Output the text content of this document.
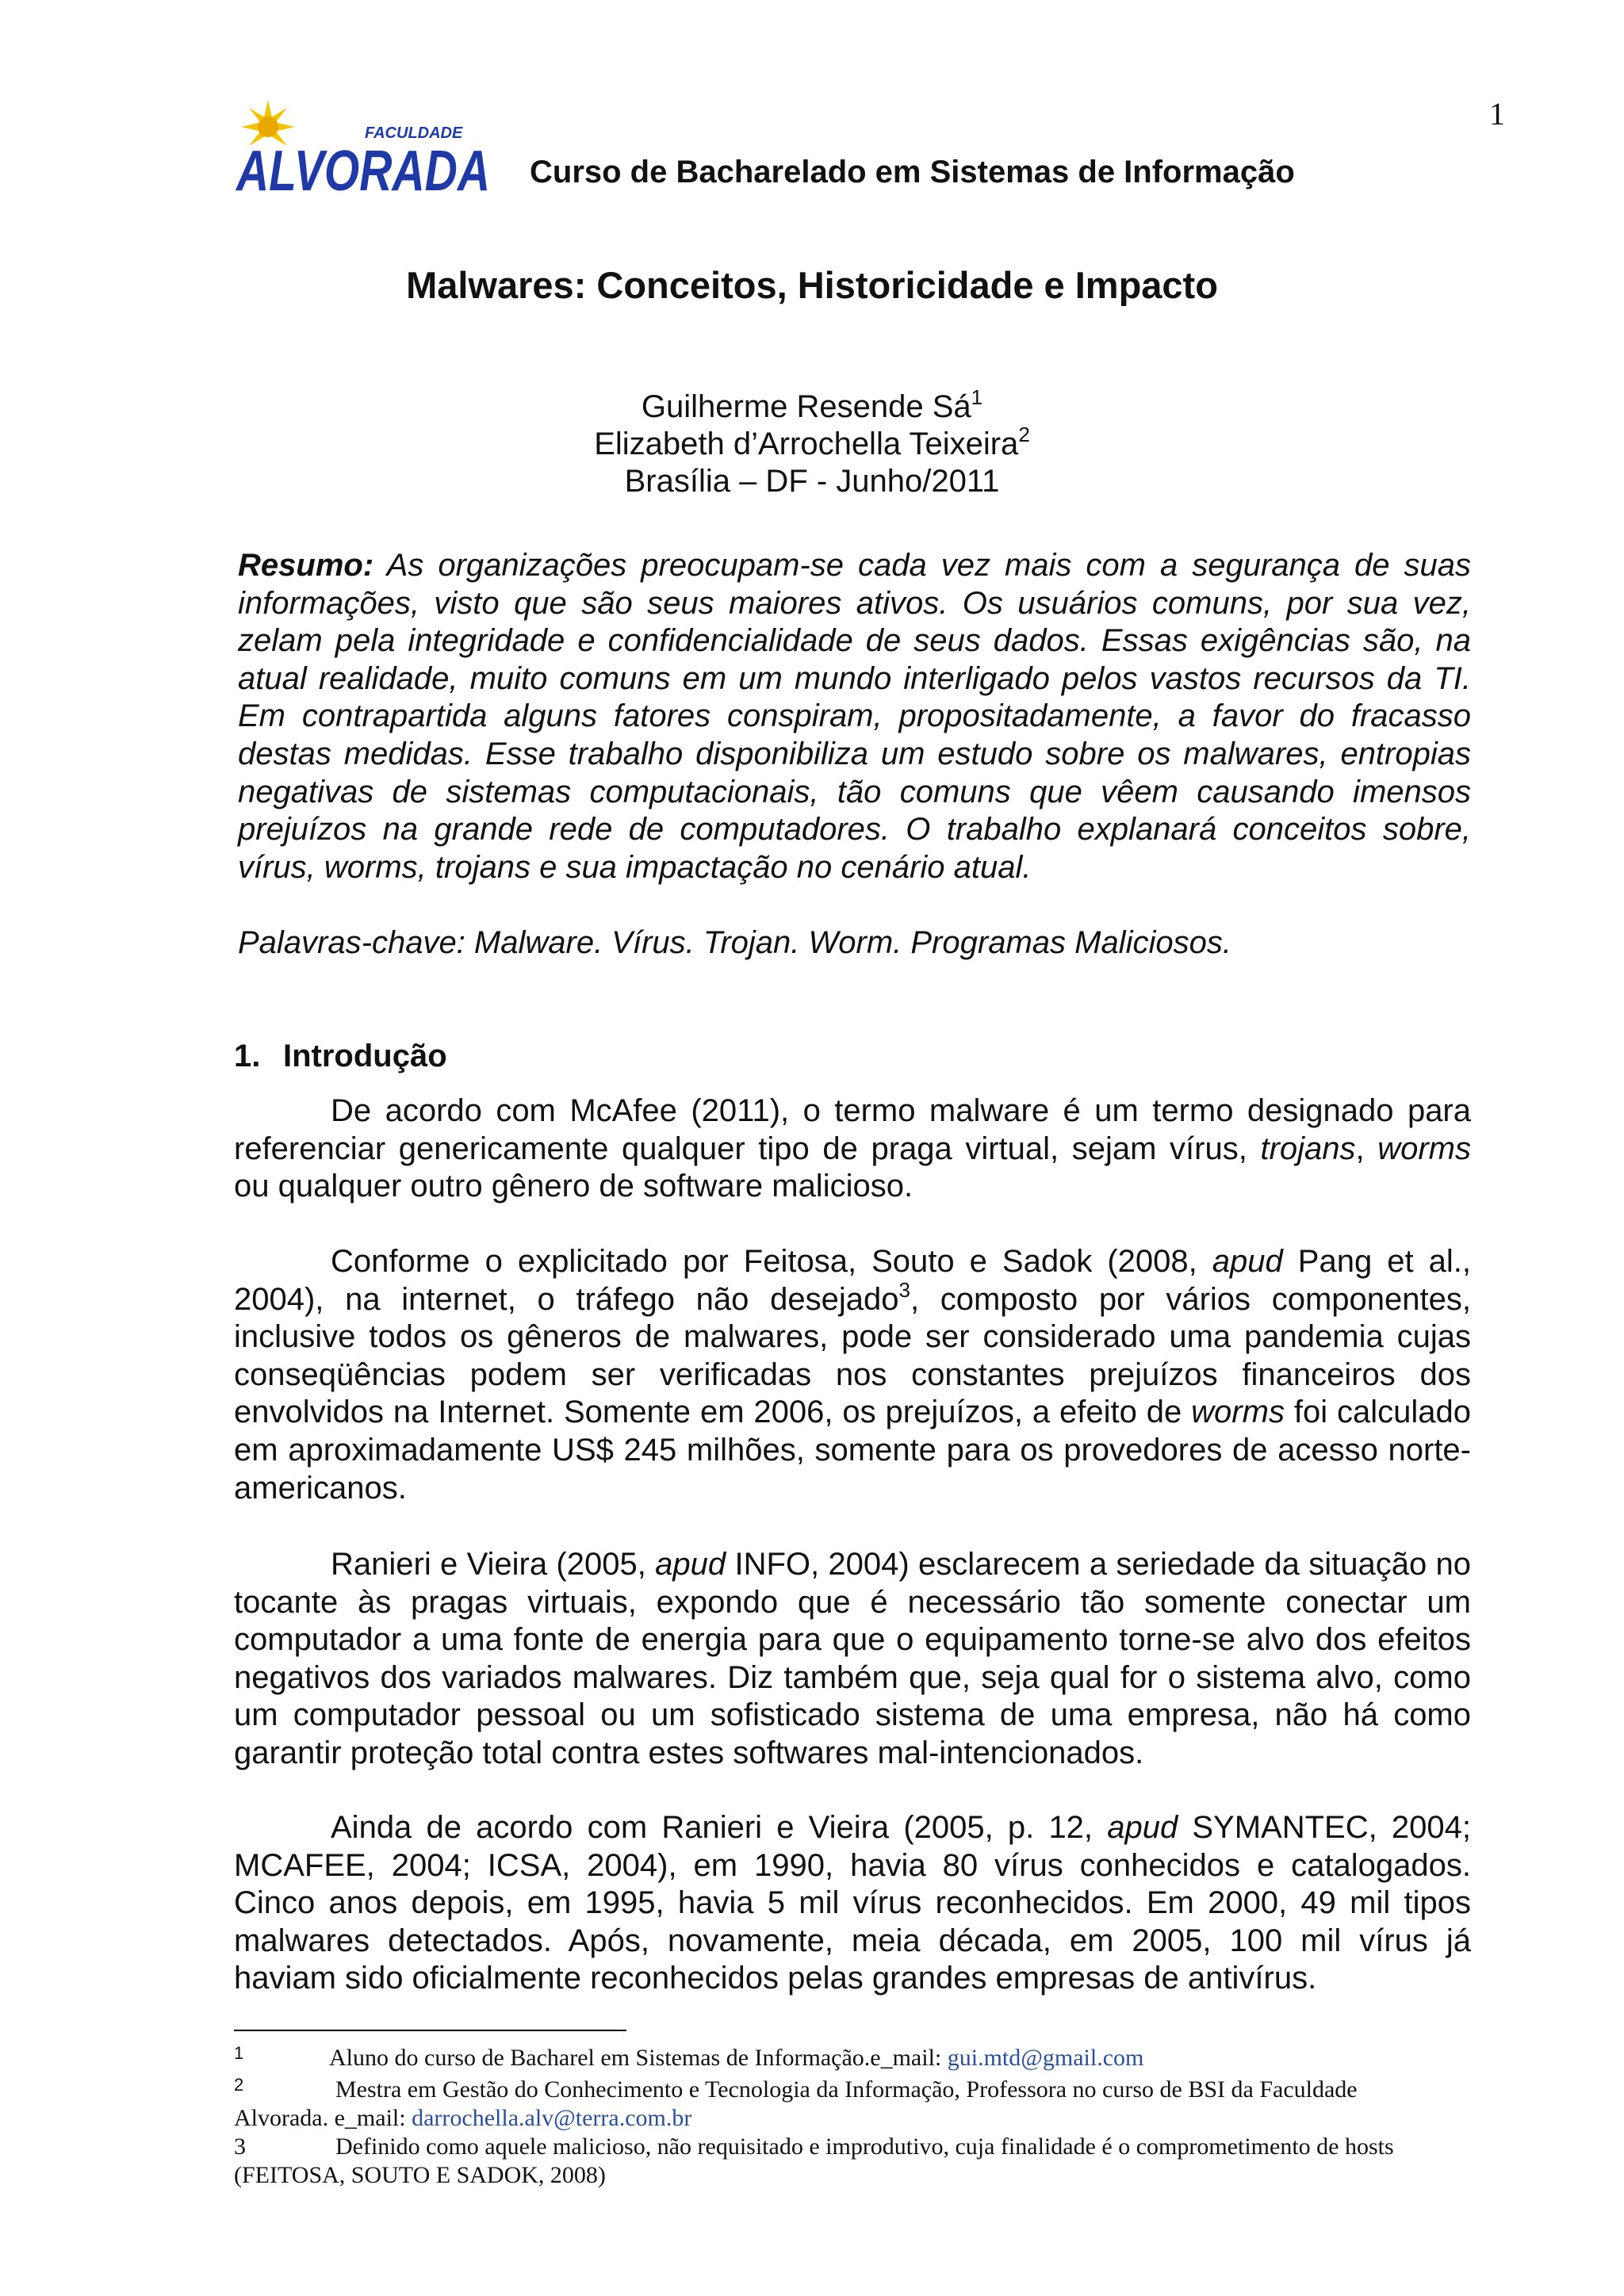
1
FACULDADE
ALVORADA Curso de Bacharelado em Sistemas de Informação
Malwares: Conceitos, Historicidade e Impacto
Guilherme Resende $Sá^1$
Elizabeth d’Arrochella Teixeira$^2$
Brasília – DF - Junho/2011
Resumo: As organizações preocupam-se cada vez mais com a segurança de suas informações, visto que são seus maiores ativos. Os usuários comuns, por sua vez, zelam pela integridade e confidencialidade de seus dados. Essas exigências são, na atual realidade, muito comuns em um mundo interligado pelos vastos recursos da TI. Em contrapartida alguns fatores conspiram, propositadamente, a favor do fracasso destas medidas. Esse trabalho disponibiliza um estudo sobre os malwares, entropias negativas de sistemas computacionais, tão comuns que vêem causando imensos prejuízos na grande rede de computadores. O trabalho explanará conceitos sobre, vírus, worms, trojans e sua impactação no cenário atual.
Palavras-chave: Malware. Vírus. Trojan. Worm. Programas Maliciosos.
1. Introdução
De acordo com McAfee (2011), o termo malware é um termo designado para referenciar genericamente qualquer tipo de praga virtual, sejam vírus, trojans, worms ou qualquer outro gênero de software malicioso.
Conforme o explicitado por Feitosa, Souto e Sadok (2008, apud Pang et al., 2004), na internet, o tráfego não desejado$^3$, composto por vários componentes, inclusive todos os gêneros de malwares, pode ser considerado uma pandemia cujas conseqüências podem ser verificadas nos constantes prejuízos financeiros dos envolvidos na Internet. Somente em 2006, os prejuízos, a efeito de worms foi calculado em aproximadamente US$ 245 milhões, somente para os provedores de acesso norte-americanos.
Ranieri e Vieira (2005, apud INFO, 2004) esclarecem a seriedade da situação no tocante às pragas virtuais, expondo que é necessário tão somente conectar um computador a uma fonte de energia para que o equipamento torne-se alvo dos efeitos negativos dos variados malwares. Diz também que, seja qual for o sistema alvo, como um computador pessoal ou um sofisticado sistema de uma empresa, não há como garantir proteção total contra estes softwares mal-intencionados.
Ainda de acordo com Ranieri e Vieira (2005, p. 12, apud SYMANTEC, 2004; MCAFEE, 2004; ICSA, 2004), em 1990, havia 80 vírus conhecidos e catalogados. Cinco anos depois, em 1995, havia 5 mil vírus reconhecidos. Em 2000, 49 mil tipos malwares detectados. Após, novamente, meia década, em 2005, 100 mil vírus já haviam sido oficialmente reconhecidos pelas grandes empresas de antivírus.
1	Aluno do curso de Bacharel em Sistemas de Informação.e_mail: gui.mtd@gmail.com
2	Mestra em Gestão do Conhecimento e Tecnologia da Informação, Professora no curso de BSI da Faculdade
Alvorada. e_mail: darrochella.alv@terra.com.br
3	Definido como aquele malicioso, não requisitado e improdutivo, cuja finalidade é o comprometimento de hosts
(FEITOSA, SOUTO E SADOK, 2008)
